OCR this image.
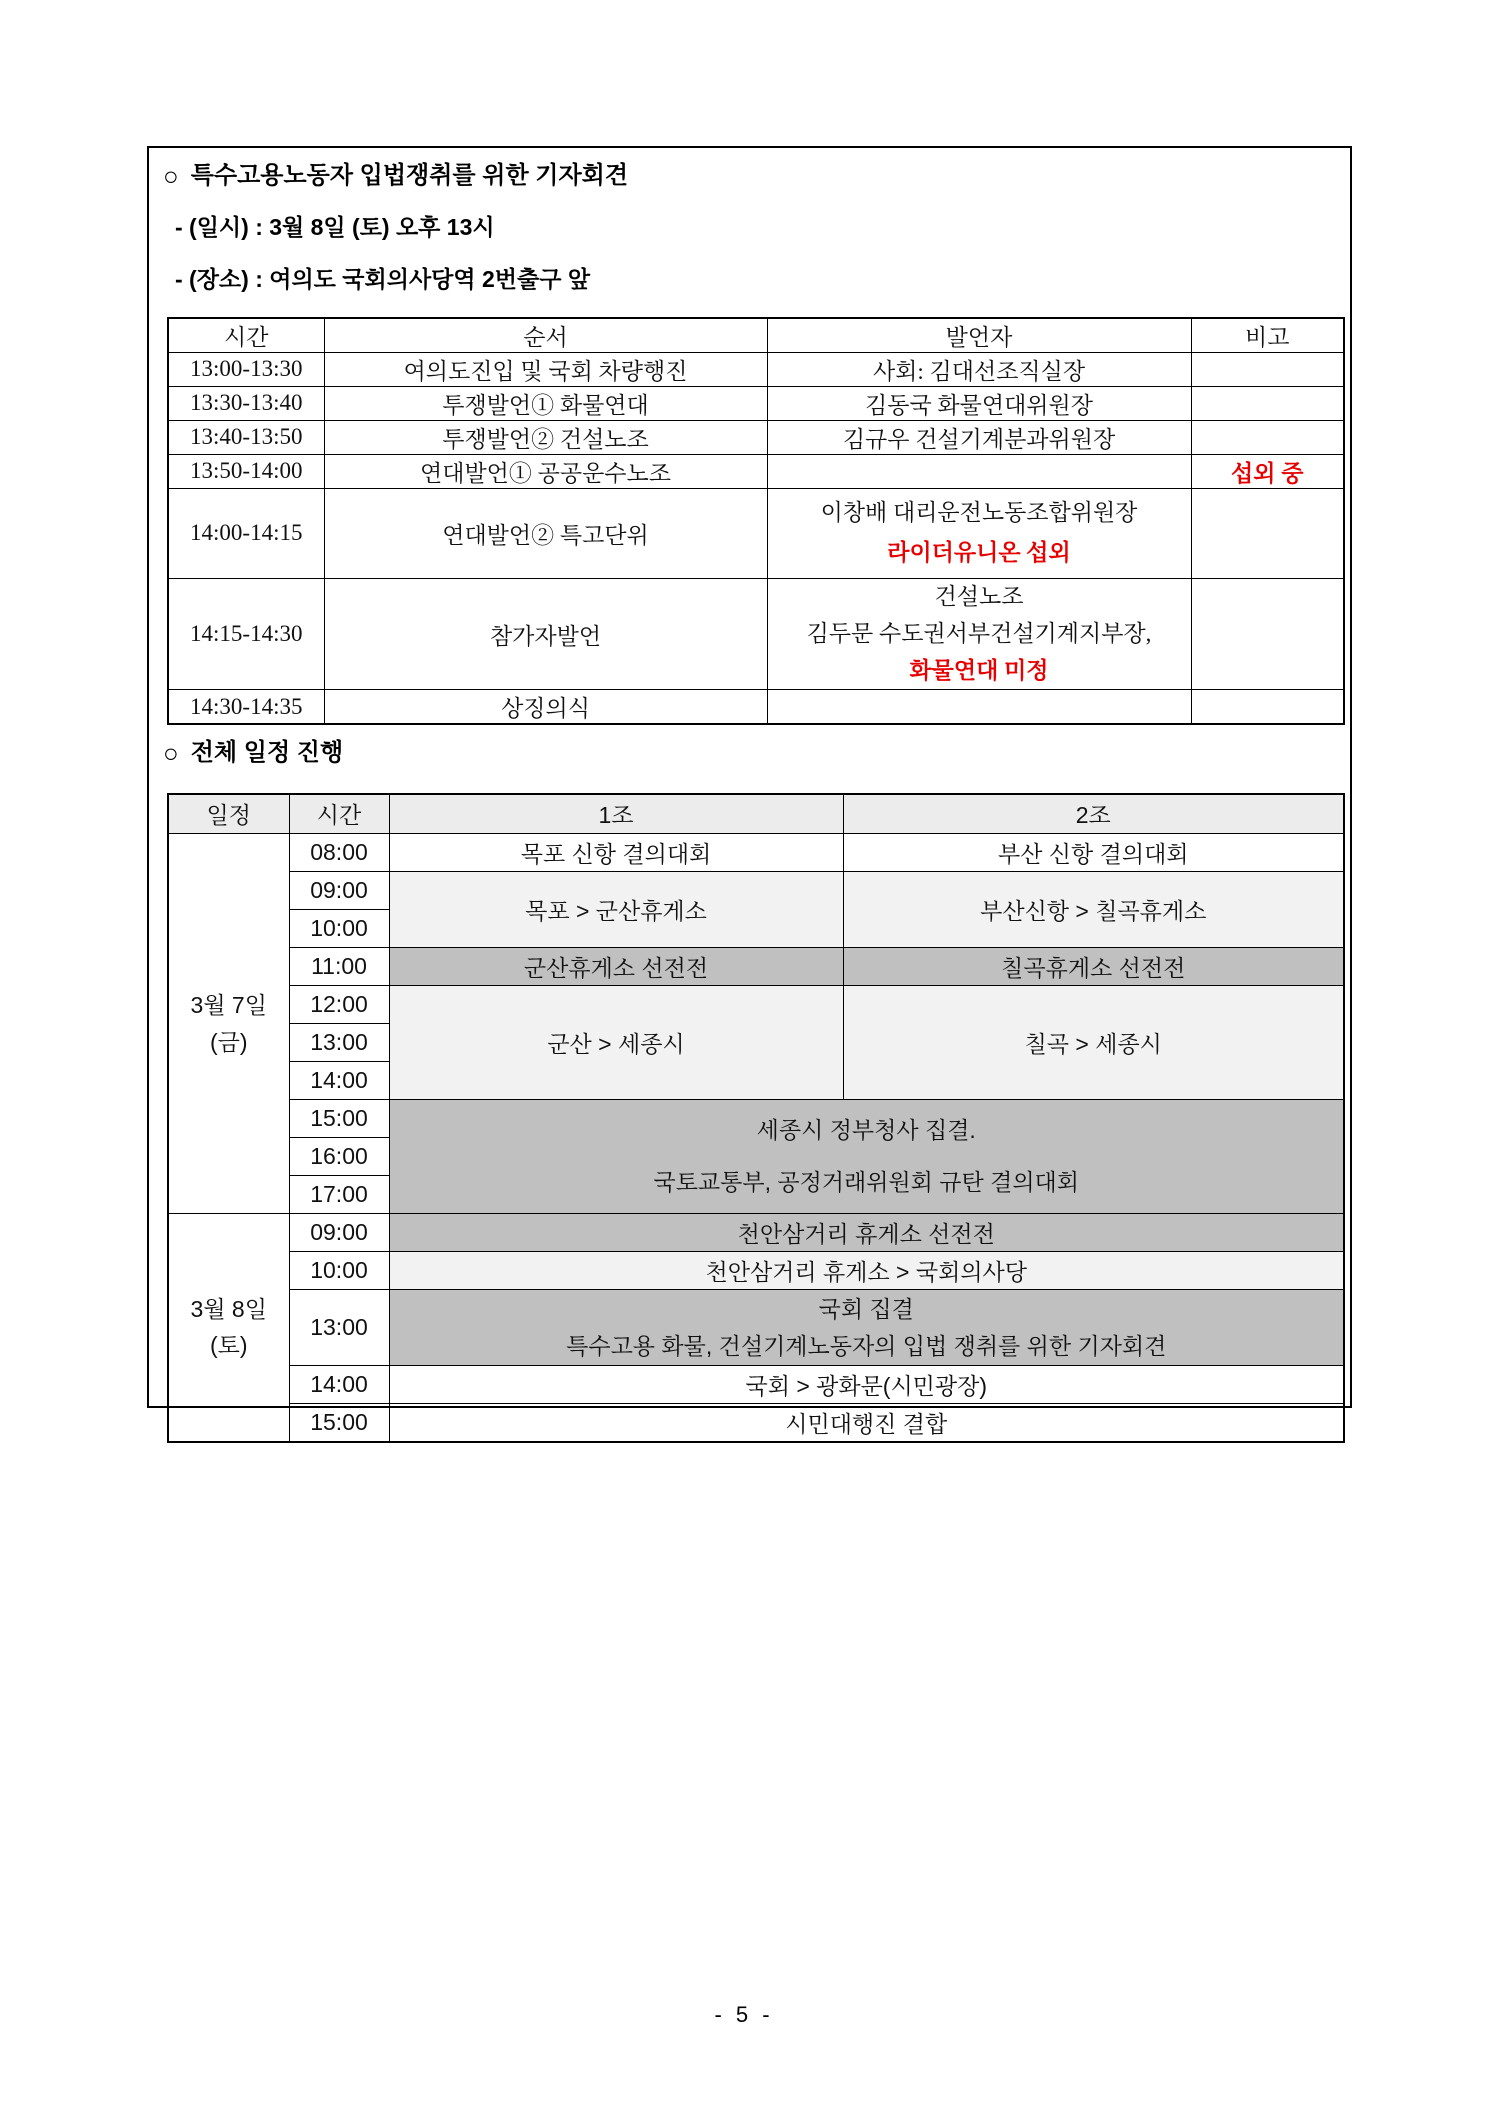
○ 특수고용노동자 입법쟁취를 위한 기자회견
- (일시) : 3월 8일 (토) 오후 13시
- (장소) : 여의도 국회의사당역 2번출구 앞
시간	순서	발언자	비고
13:00-13:30	여의도진입 및 국회 차량행진	사회: 김대선조직실장	
13:30-13:40	투쟁발언① 화물연대	김동국 화물연대위원장	
13:40-13:50	투쟁발언② 건설노조	김규우 건설기계분과위원장	
13:50-14:00	연대발언① 공공운수노조		섭외 중
14:00-14:15	연대발언② 특고단위	이창배 대리운전노동조합위원장
라이더유니온 섭외	

14:15-14:30	참가자발언	건설노조
김두문 수도권서부건설기계지부장,
화물연대 미정	

14:30-14:35	상징의식		
○ 전체 일정 진행
일정	시간	1조	2조

3월 7일
(금)	08:00	목포 신항 결의대회	부산 신항 결의대회
	09:00	목포 > 군산휴게소	부산신항 > 칠곡휴게소
	10:00		
	11:00	군산휴게소 선전전	칠곡휴게소 선전전
	12:00	군산 > 세종시	칠곡 > 세종시
	13:00		
	14:00		
	15:00	세종시 정부청사 집결.
국토교통부, 공정거래위원회 규탄 결의대회	

	16:00		
	17:00		

3월 8일
(토)	09:00	천안삼거리 휴게소 선전전	
	10:00	천안삼거리 휴게소 > 국회의사당	
	13:00	국회 집결
특수고용 화물, 건설기계노동자의 입법 쟁취를 위한 기자회견	

	14:00	국회 > 광화문(시민광장)	
	15:00	시민대행진 결합	
- 5 -
